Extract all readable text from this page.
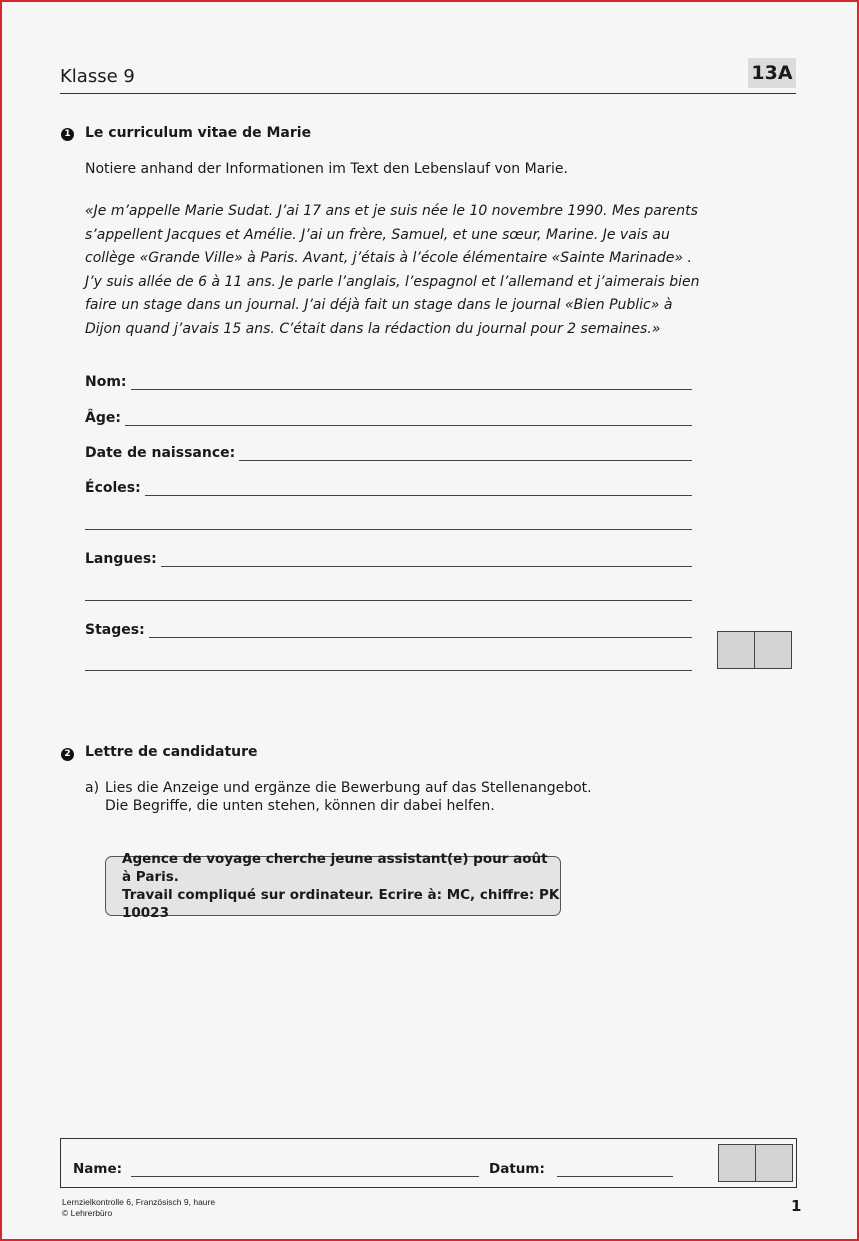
Klasse 9	13A
1 Le curriculum vitae de Marie
Notiere anhand der Informationen im Text den Lebenslauf von Marie.
«Je m’appelle Marie Sudat. J’ai 17 ans et je suis née le 10 novembre 1990. Mes parents
s’appellent Jacques et Amélie. J’ai un frère, Samuel, et une sœur, Marine. Je vais au
collège «Grande Ville» à Paris. Avant, j’étais à l’école élémentaire «Sainte Marinade» .
J’y suis allée de 6 à 11 ans. Je parle l’anglais, l’espagnol et l’allemand et j’aimerais bien
faire un stage dans un journal. J’ai déjà fait un stage dans le journal «Bien Public» à
Dijon quand j’avais 15 ans. C’était dans la rédaction du journal pour 2 semaines.»
Nom:
Âge:
Date de naissance:
Écoles:
Langues:
Stages:
2 Lettre de candidature
a) Lies die Anzeige und ergänze die Bewerbung auf das Stellenangebot.
Die Begriffe, die unten stehen, können dir dabei helfen.
Agence de voyage cherche jeune assistant(e) pour août à Paris.
Travail compliqué sur ordinateur. Ecrire à: MC, chiffre: PK 10023
Name:	Datum:
Lernzielkontrolle 6, Französisch 9, haure
© Lehrerbüro	1
